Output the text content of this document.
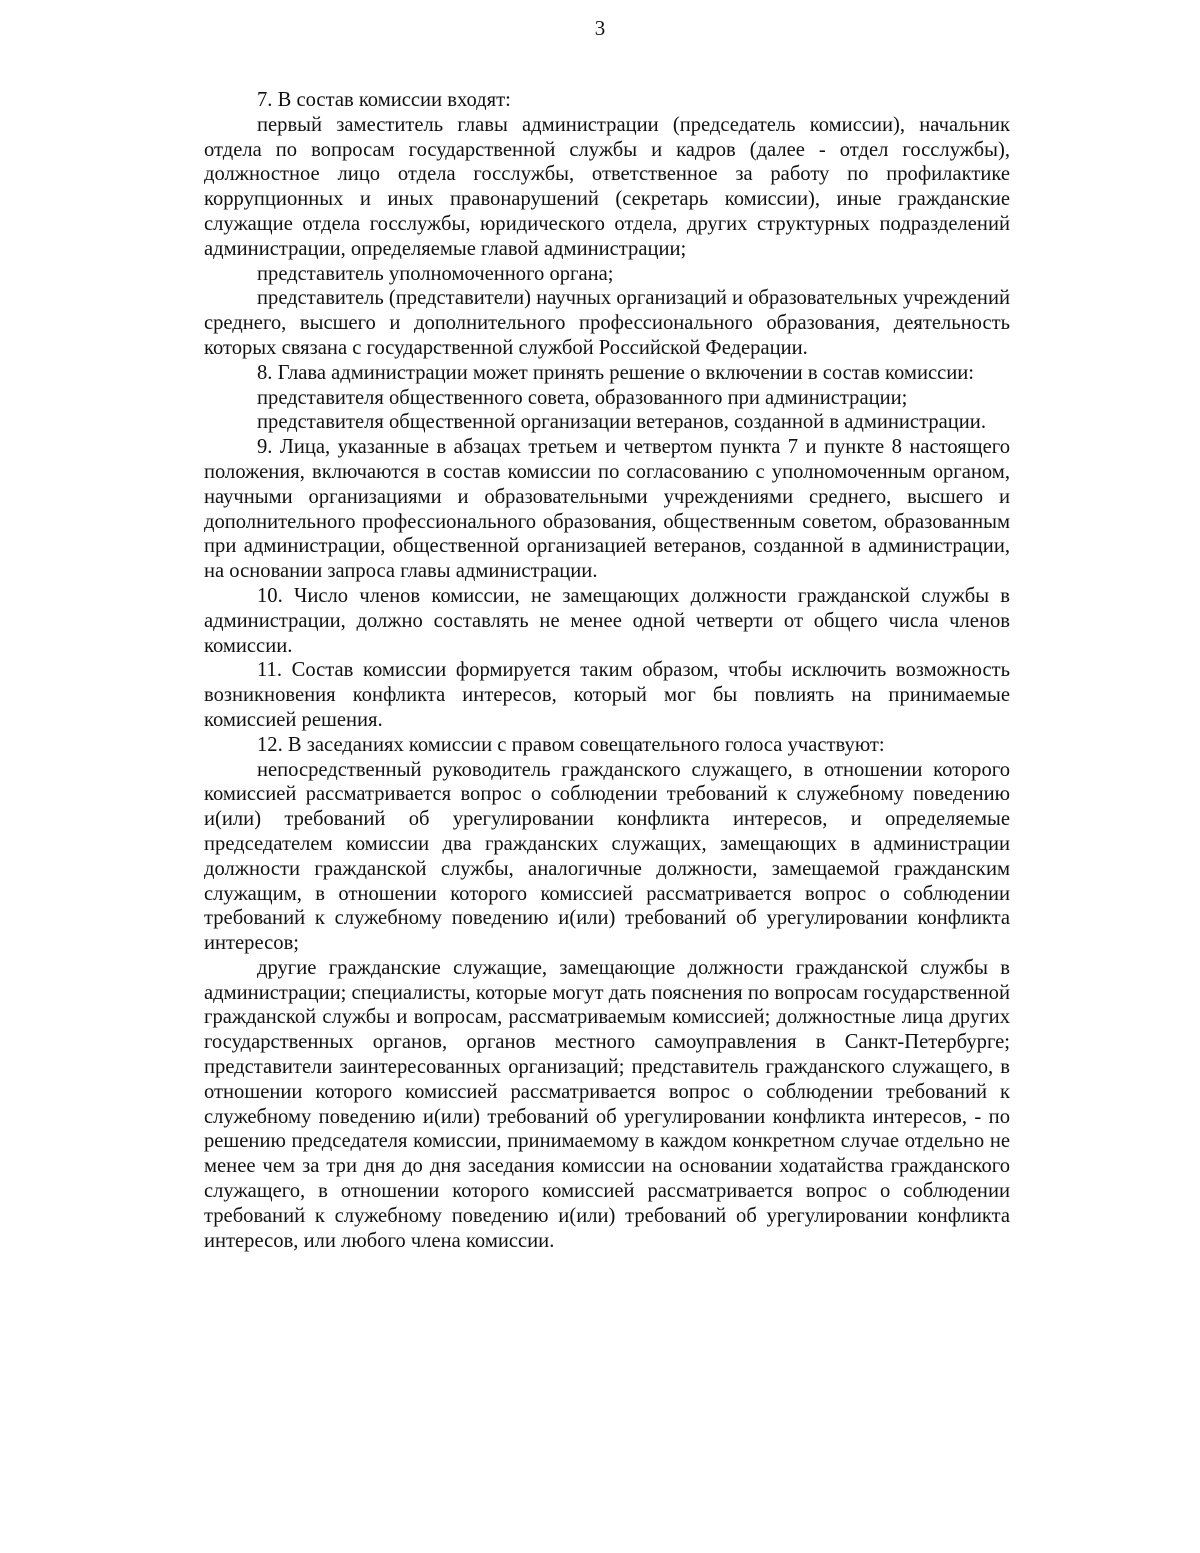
3

7. В состав комиссии входят:

первый заместитель главы администрации (председатель комиссии), начальник отдела по вопросам государственной службы и кадров (далее - отдел госслужбы), должностное лицо отдела госслужбы, ответственное за работу по профилактике коррупционных и иных правонарушений (секретарь комиссии), иные гражданские служащие отдела госслужбы, юридического отдела, других структурных подразделений администрации, определяемые главой администрации;

представитель уполномоченного органа;

представитель (представители) научных организаций и образовательных учреждений среднего, высшего и дополнительного профессионального образования, деятельность которых связана с государственной службой Российской Федерации.

8. Глава администрации может принять решение о включении в состав комиссии:

представителя общественного совета, образованного при администрации;

представителя общественной организации ветеранов, созданной в администрации.

9. Лица, указанные в абзацах третьем и четвертом пункта 7 и пункте 8 настоящего положения, включаются в состав комиссии по согласованию с уполномоченным органом, научными организациями и образовательными учреждениями среднего, высшего и дополнительного профессионального образования, общественным советом, образованным при администрации, общественной организацией ветеранов, созданной в администрации, на основании запроса главы администрации.

10. Число членов комиссии, не замещающих должности гражданской службы в администрации, должно составлять не менее одной четверти от общего числа членов комиссии.

11. Состав комиссии формируется таким образом, чтобы исключить возможность возникновения конфликта интересов, который мог бы повлиять на принимаемые комиссией решения.

12. В заседаниях комиссии с правом совещательного голоса участвуют:

непосредственный руководитель гражданского служащего, в отношении которого комиссией рассматривается вопрос о соблюдении требований к служебному поведению и(или) требований об урегулировании конфликта интересов, и определяемые председателем комиссии два гражданских служащих, замещающих в администрации должности гражданской службы, аналогичные должности, замещаемой гражданским служащим, в отношении которого комиссией рассматривается вопрос о соблюдении требований к служебному поведению и(или) требований об урегулировании конфликта интересов;

другие гражданские служащие, замещающие должности гражданской службы в администрации; специалисты, которые могут дать пояснения по вопросам государственной гражданской службы и вопросам, рассматриваемым комиссией; должностные лица других государственных органов, органов местного самоуправления в Санкт-Петербурге; представители заинтересованных организаций; представитель гражданского служащего, в отношении которого комиссией рассматривается вопрос о соблюдении требований к служебному поведению и(или) требований об урегулировании конфликта интересов, - по решению председателя комиссии, принимаемому в каждом конкретном случае отдельно не менее чем за три дня до дня заседания комиссии на основании ходатайства гражданского служащего, в отношении которого комиссией рассматривается вопрос о соблюдении требований к служебному поведению и(или) требований об урегулировании конфликта интересов, или любого члена комиссии.
